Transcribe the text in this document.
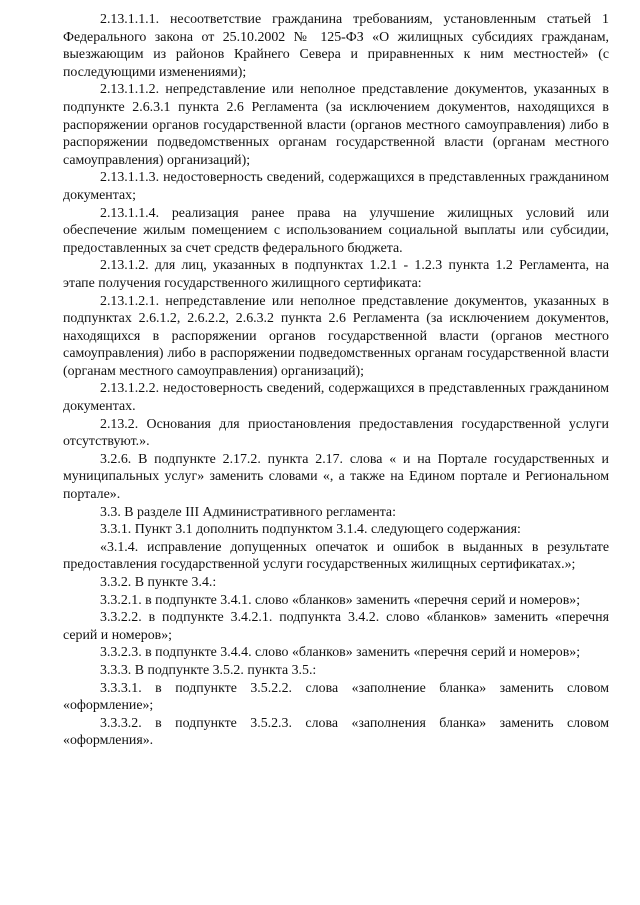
2.13.1.1.1. несоответствие гражданина требованиям, установленным статьей 1 Федерального закона от 25.10.2002 № 125-ФЗ «О жилищных субсидиях гражданам, выезжающим из районов Крайнего Севера и приравненных к ним местностей» (с последующими изменениями);

2.13.1.1.2. непредставление или неполное представление документов, указанных в подпункте 2.6.3.1 пункта 2.6 Регламента (за исключением документов, находящихся в распоряжении органов государственной власти (органов местного самоуправления) либо в распоряжении подведомственных органам государственной власти (органам местного самоуправления) организаций);

2.13.1.1.3. недостоверность сведений, содержащихся в представленных гражданином документах;

2.13.1.1.4. реализация ранее права на улучшение жилищных условий или обеспечение жилым помещением с использованием социальной выплаты или субсидии, предоставленных за счет средств федерального бюджета.

2.13.1.2. для лиц, указанных в подпунктах 1.2.1 - 1.2.3 пункта 1.2 Регламента, на этапе получения государственного жилищного сертификата:

2.13.1.2.1. непредставление или неполное представление документов, указанных в подпунктах 2.6.1.2, 2.6.2.2, 2.6.3.2 пункта 2.6 Регламента (за исключением документов, находящихся в распоряжении органов государственной власти (органов местного самоуправления) либо в распоряжении подведомственных органам государственной власти (органам местного самоуправления) организаций);

2.13.1.2.2. недостоверность сведений, содержащихся в представленных гражданином документах.

2.13.2. Основания для приостановления предоставления государственной услуги отсутствуют.».

3.2.6. В подпункте 2.17.2. пункта 2.17. слова « и на Портале государственных и муниципальных услуг» заменить словами «, а также на Едином портале и Региональном портале».

3.3. В разделе III Административного регламента:

3.3.1. Пункт 3.1 дополнить подпунктом 3.1.4. следующего содержания:

«3.1.4. исправление допущенных опечаток и ошибок в выданных в результате предоставления государственной услуги государственных жилищных сертификатах.»;

3.3.2. В пункте 3.4.:

3.3.2.1. в подпункте 3.4.1. слово «бланков» заменить «перечня серий и номеров»;

3.3.2.2. в подпункте 3.4.2.1. подпункта 3.4.2. слово «бланков» заменить «перечня серий и номеров»;

3.3.2.3. в подпункте 3.4.4. слово «бланков» заменить «перечня серий и номеров»;

3.3.3. В подпункте 3.5.2. пункта 3.5.:

3.3.3.1. в подпункте 3.5.2.2. слова «заполнение бланка» заменить словом «оформление»;

3.3.3.2. в подпункте 3.5.2.3. слова «заполнения бланка» заменить словом «оформления».
